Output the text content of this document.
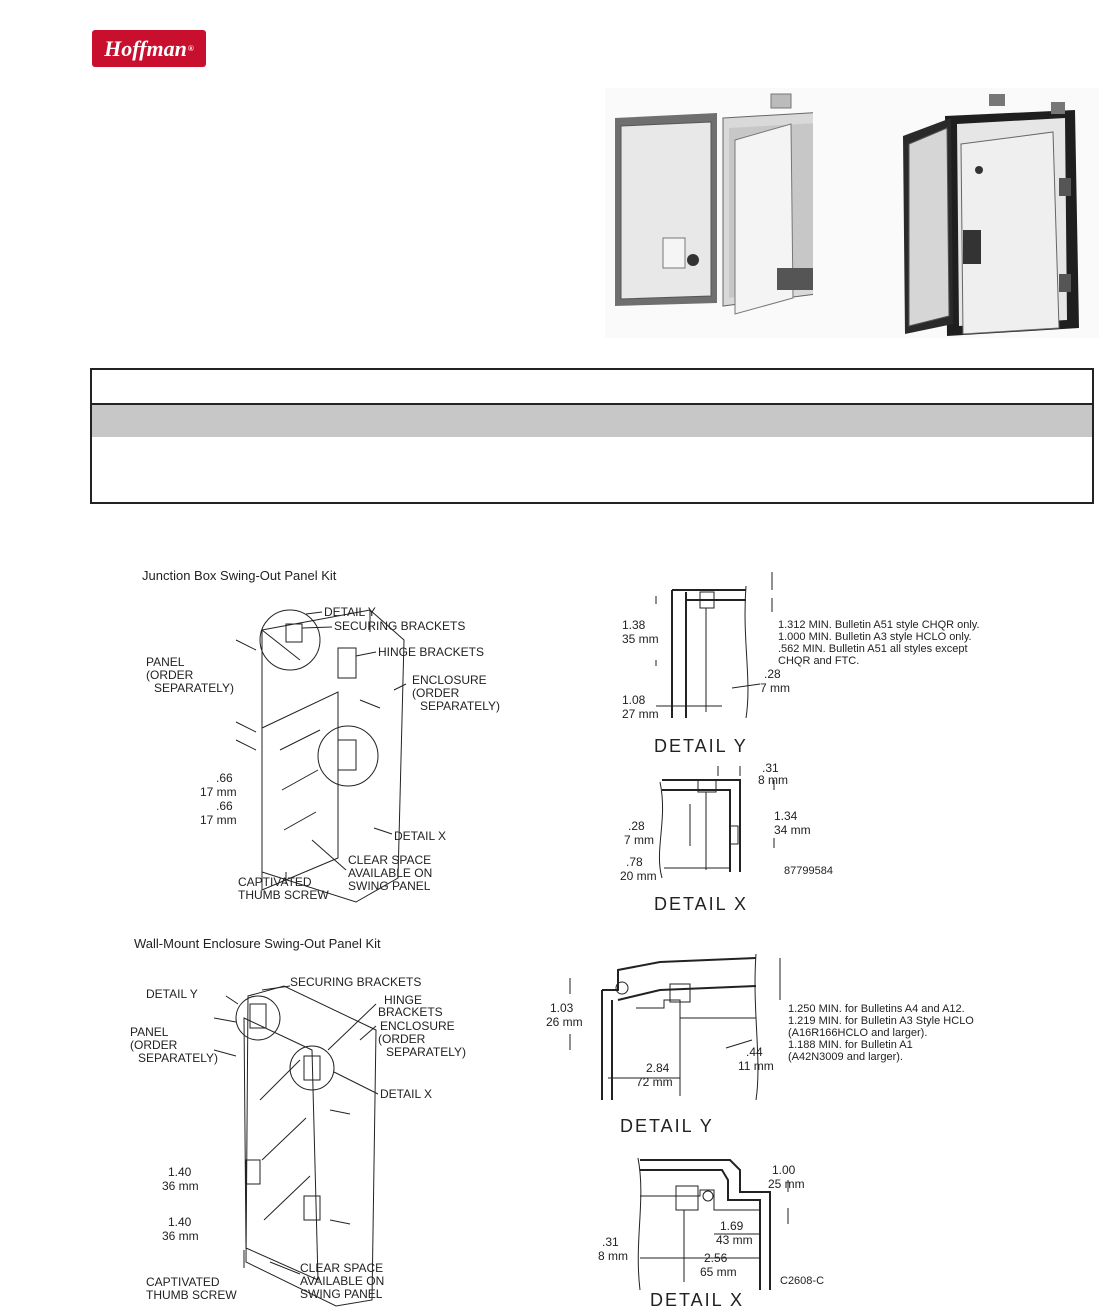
Hoffman ®
Junction Box Swing-Out Panel Kit
DETAIL Y
SECURING BRACKETS
HINGE BRACKETS
PANEL
(ORDER
SEPARATELY)
ENCLOSURE
(ORDER
SEPARATELY)
.66
17 mm
.66
17 mm
DETAIL X
CLEAR SPACE
AVAILABLE ON
SWING PANEL
CAPTIVATED
THUMB SCREW
1.38
35 mm
1.312 MIN. Bulletin A51 style CHQR only.
1.000 MIN. Bulletin A3 style HCLO only.
.562 MIN. Bulletin A51 all styles except
CHQR and FTC.
.28
7 mm
1.08
27 mm
DETAIL Y
.31
8 mm
1.34
34 mm
.28
7 mm
.78
20 mm	87799584
DETAIL X
Wall-Mount Enclosure Swing-Out Panel Kit
SECURING BRACKETS
DETAIL Y	HINGE
BRACKETS
PANEL
(ORDER
SEPARATELY)
ENCLOSURE
(ORDER
SEPARATELY)
DETAIL X
1.40
36 mm
1.40
36 mm
CAPTIVATED
THUMB SCREW
CLEAR SPACE
AVAILABLE ON
SWING PANEL
1.03
26 mm
1.250 MIN. for Bulletins A4 and A12.
1.219 MIN. for Bulletin A3 Style HCLO
(A16R166HCLO and larger).
1.188 MIN. for Bulletin A1
(A42N3009 and larger).
2.84
72 mm
.44
11 mm
DETAIL Y
1.00
25 mm
1.69
43 mm
.31
8 mm	2.56
65 mm
C2608-C
DETAIL X
